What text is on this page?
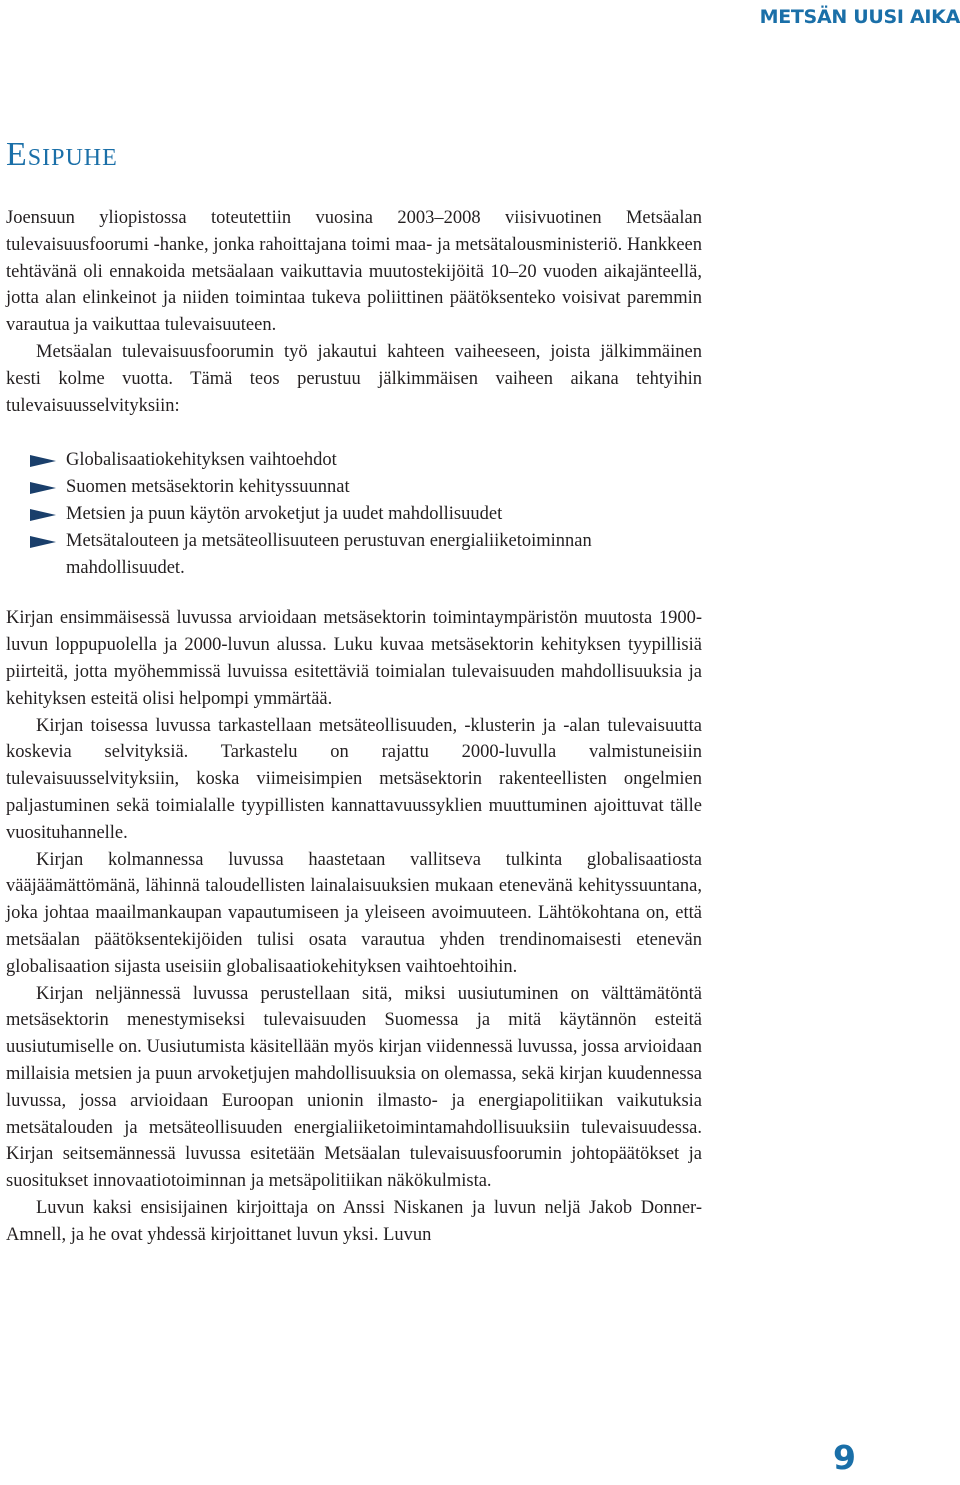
METSÄN UUSI AIKA
Esipuhe

Joensuun yliopistossa toteutettiin vuosina 2003–2008 viisivuotinen Metsäalan tulevaisuusfoorumi -hanke, jonka rahoittajana toimi maa- ja metsätalousministeriö. Hankkeen tehtävänä oli ennakoida metsäalaan vaikuttavia muutostekijöitä 10–20 vuoden aikajänteellä, jotta alan elinkeinot ja niiden toimintaa tukeva poliittinen päätöksenteko voisivat paremmin varautua ja vaikuttaa tulevaisuuteen.

Metsäalan tulevaisuusfoorumin työ jakautui kahteen vaiheeseen, joista jälkimmäinen kesti kolme vuotta. Tämä teos perustuu jälkimmäisen vaiheen aikana tehtyihin tulevaisuusselvityksiin:

Globalisaatiokehityksen vaihtoehdot
Suomen metsäsektorin kehityssuunnat
Metsien ja puun käytön arvoketjut ja uudet mahdollisuudet
Metsätalouteen ja metsäteollisuuteen perustuvan energialiiketoiminnan mahdollisuudet.

Kirjan ensimmäisessä luvussa arvioidaan metsäsektorin toimintaympäristön muutosta 1900-luvun loppupuolella ja 2000-luvun alussa. Luku kuvaa metsäsektorin kehityksen tyypillisiä piirteitä, jotta myöhemmissä luvuissa esitettäviä toimialan tulevaisuuden mahdollisuuksia ja kehityksen esteitä olisi helpompi ymmärtää.

Kirjan toisessa luvussa tarkastellaan metsäteollisuuden, -klusterin ja -alan tulevaisuutta koskevia selvityksiä. Tarkastelu on rajattu 2000-luvulla valmistuneisiin tulevaisuusselvityksiin, koska viimeisimpien metsäsektorin rakenteellisten ongelmien paljastuminen sekä toimialalle tyypillisten kannattavuussyklien muuttuminen ajoittuvat tälle vuosituhannelle.

Kirjan kolmannessa luvussa haastetaan vallitseva tulkinta globalisaatiosta vääjäämättömänä, lähinnä taloudellisten lainalaisuuksien mukaan etenevänä kehityssuuntana, joka johtaa maailmankaupan vapautumiseen ja yleiseen avoimuuteen. Lähtökohtana on, että metsäalan päätöksentekijöiden tulisi osata varautua yhden trendinomaisesti etenevän globalisaation sijasta useisiin globalisaatiokehityksen vaihtoehtoihin.

Kirjan neljännessä luvussa perustellaan sitä, miksi uusiutuminen on välttämätöntä metsäsektorin menestymiseksi tulevaisuuden Suomessa ja mitä käytännön esteitä uusiutumiselle on. Uusiutumista käsitellään myös kirjan viidennessä luvussa, jossa arvioidaan millaisia metsien ja puun arvoketjujen mahdollisuuksia on olemassa, sekä kirjan kuudennessa luvussa, jossa arvioidaan Euroopan unionin ilmasto- ja energiapolitiikan vaikutuksia metsätalouden ja metsäteollisuuden energialiiketoimintamahdollisuuksiin tulevaisuudessa. Kirjan seitsemännessä luvussa esitetään Metsäalan tulevaisuusfoorumin johtopäätökset ja suositukset innovaatiotoiminnan ja metsäpolitiikan näkökulmista.

Luvun kaksi ensisijainen kirjoittaja on Anssi Niskanen ja luvun neljä Jakob Donner-Amnell, ja he ovat yhdessä kirjoittanet luvun yksi. Luvun

9
